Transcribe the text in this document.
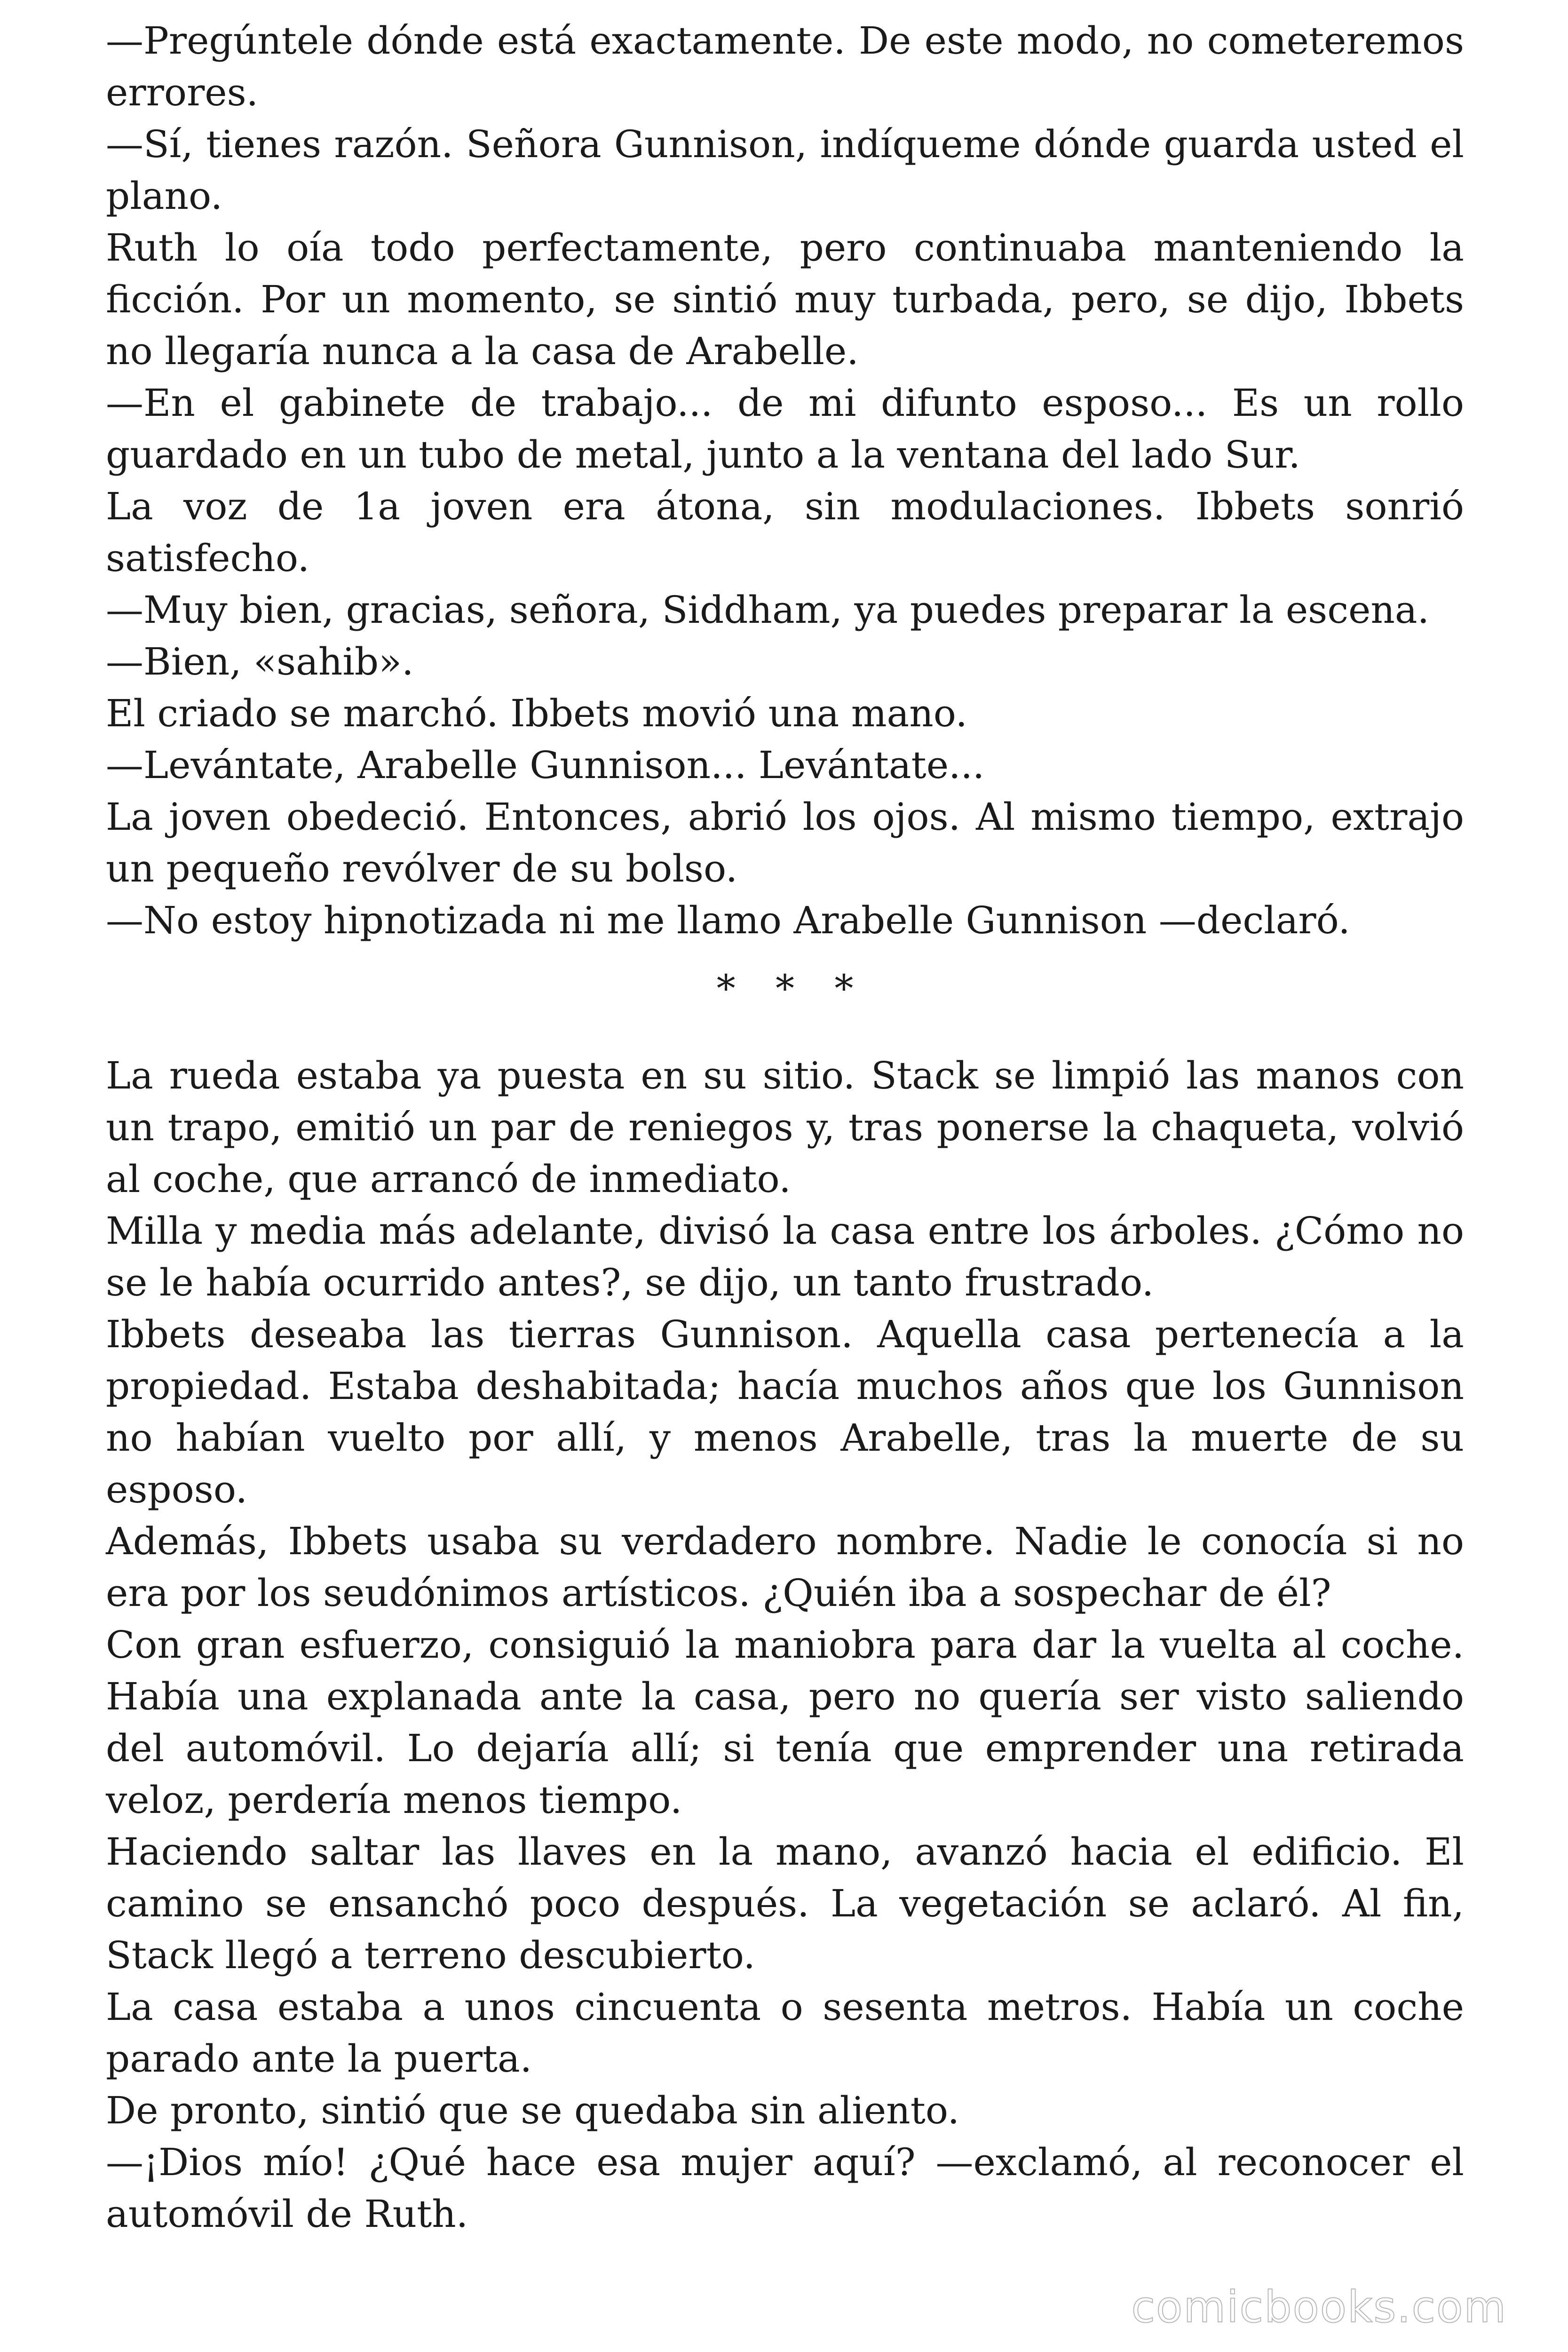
—Pregúntele dónde está exactamente. De este modo, no cometeremos errores.

—Sí, tienes razón. Señora Gunnison, indíqueme dónde guarda usted el plano.

Ruth lo oía todo perfectamente, pero continuaba manteniendo la ficción. Por un momento, se sintió muy turbada, pero, se dijo, Ibbets no llegaría nunca a la casa de Arabelle.

—En el gabinete de trabajo... de mi difunto esposo... Es un rollo guardado en un tubo de metal, junto a la ventana del lado Sur.

La voz de 1a joven era átona, sin modulaciones. Ibbets sonrió satisfecho.

—Muy bien, gracias, señora, Siddham, ya puedes preparar la escena.

—Bien, «sahib».

El criado se marchó. Ibbets movió una mano.

—Levántate, Arabelle Gunnison... Levántate...

La joven obedeció. Entonces, abrió los ojos. Al mismo tiempo, extrajo un pequeño revólver de su bolso.

—No estoy hipnotizada ni me llamo Arabelle Gunnison —declaró.

* * *

La rueda estaba ya puesta en su sitio. Stack se limpió las manos con un trapo, emitió un par de reniegos y, tras ponerse la chaqueta, volvió al coche, que arrancó de inmediato.

Milla y media más adelante, divisó la casa entre los árboles. ¿Cómo no se le había ocurrido antes?, se dijo, un tanto frustrado.

Ibbets deseaba las tierras Gunnison. Aquella casa pertenecía a la propiedad. Estaba deshabitada; hacía muchos años que los Gunnison no habían vuelto por allí, y menos Arabelle, tras la muerte de su esposo.

Además, Ibbets usaba su verdadero nombre. Nadie le conocía si no era por los seudónimos artísticos. ¿Quién iba a sospechar de él?

Con gran esfuerzo, consiguió la maniobra para dar la vuelta al coche. Había una explanada ante la casa, pero no quería ser visto saliendo del automóvil. Lo dejaría allí; si tenía que emprender una retirada veloz, perdería menos tiempo.

Haciendo saltar las llaves en la mano, avanzó hacia el edificio. El camino se ensanchó poco después. La vegetación se aclaró. Al fin, Stack llegó a terreno descubierto.

La casa estaba a unos cincuenta o sesenta metros. Había un coche parado ante la puerta.

De pronto, sintió que se quedaba sin aliento.

—¡Dios mío! ¿Qué hace esa mujer aquí? —exclamó, al reconocer el automóvil de Ruth.

comicbooks.com
